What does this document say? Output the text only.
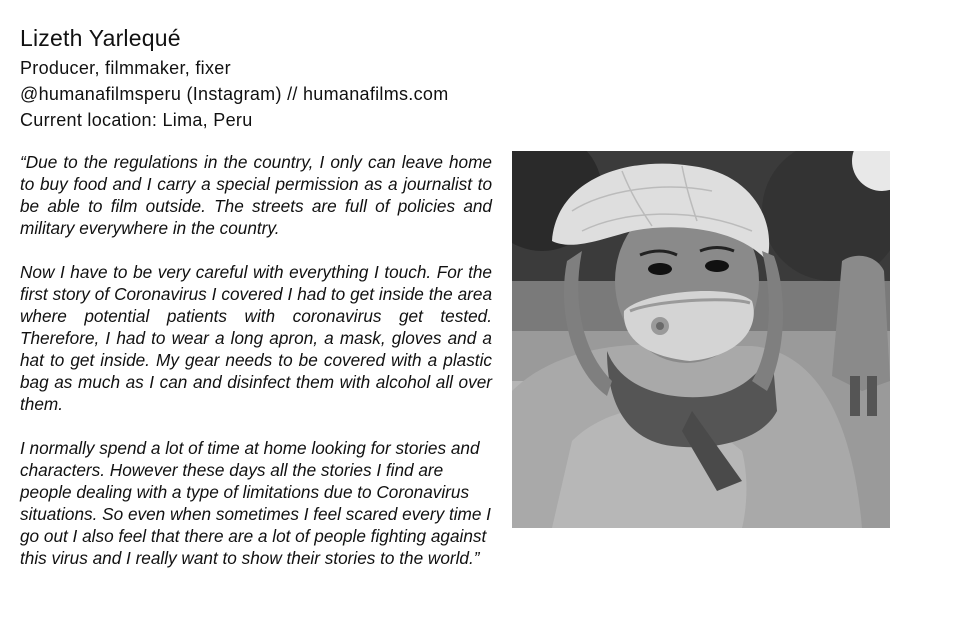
Lizeth Yarlequé

Producer, filmmaker, fixer

@humanafilmsperu (Instagram) // humanafilms.com

Current location: Lima, Peru

“Due to the regulations in the country, I only can leave home to buy food and I carry a special permission as a journalist to be able to film outside. The streets are full of policies and military everywhere in the country.

Now I have to be very careful with everything I touch. For the first story of Coronavirus I covered I had to get inside the area where potential patients with coronavirus get tested. Therefore, I had to wear a long apron, a mask, gloves and a hat to get inside. My gear needs to be covered with a plastic bag as much as I can and disinfect them with alcohol all over them.

I normally spend a lot of time at home looking for stories and characters. However these days all the stories I find are people dealing with a type of limitations due to Coronavirus situations. So even when sometimes I feel scared every time I go out I also feel that there are a lot of people fighting against this virus and I really want to show their stories to the world.”
